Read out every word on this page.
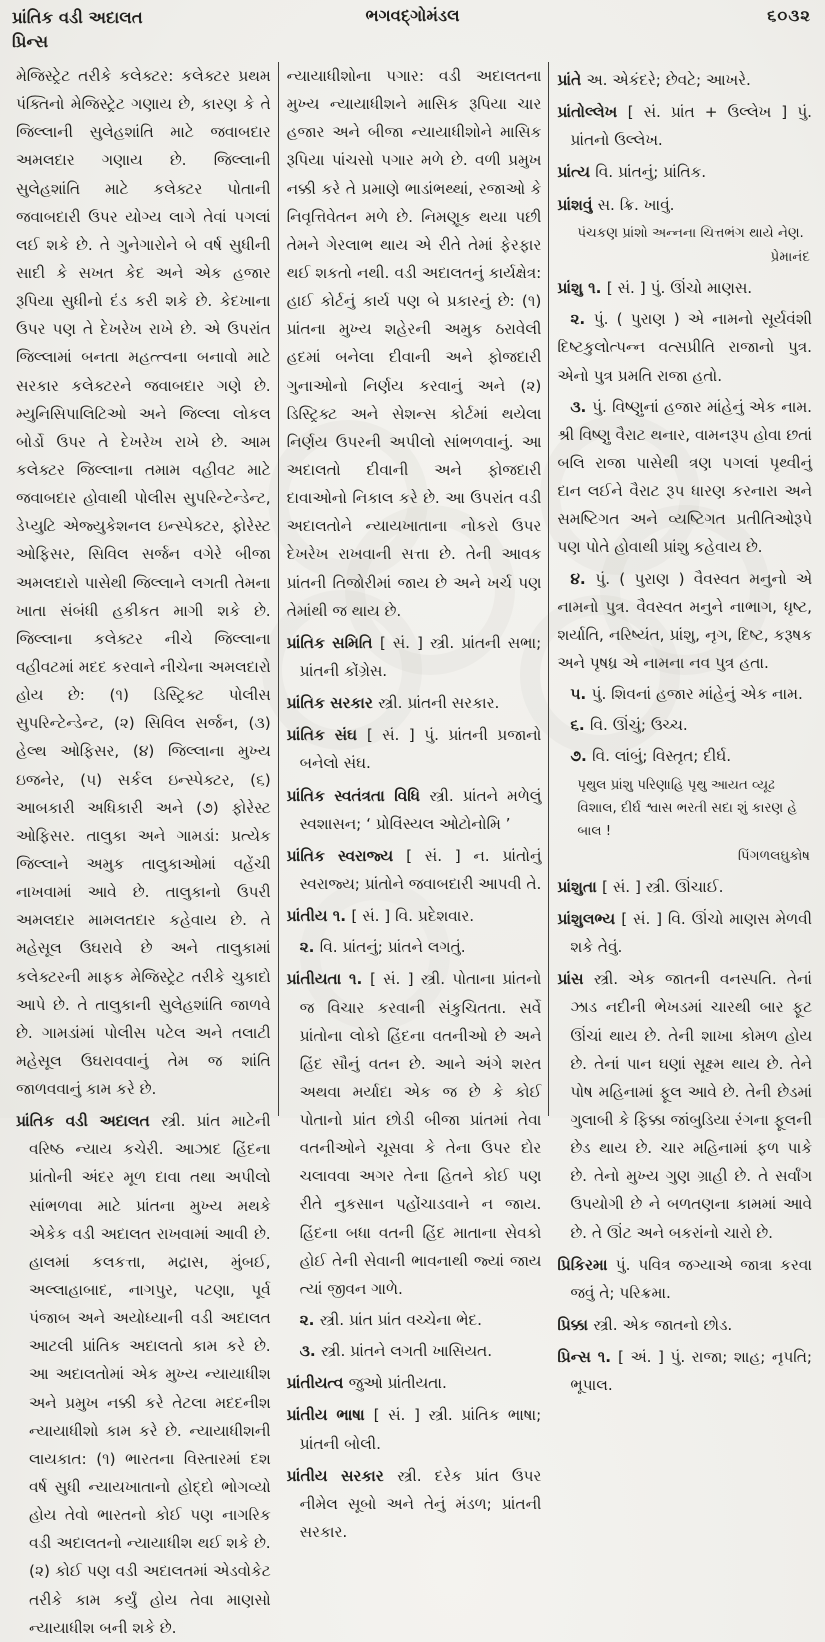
પ્રાંતિક વડી અદાલત
પ્રિન્સ
ભગવદ્ગોમંડલ	૬૦૩૨
મેજિસ્ટ્રેટ તરીકે કલેક્ટર: કલેક્ટર પ્રથમ પંક્તિનો મેજિસ્ટ્રેટ ગણાય છે, કારણ કે તે જિલ્લાની સુલેહશાંતિ માટે જવાબદાર અમલદાર ગણાય છે. જિલ્લાની સુલેહશાંતિ માટે કલેક્ટર પોતાની જવાબદારી ઉપર યોગ્ય લાગે તેવાં પગલાં લઈ શકે છે. તે ગુનેગારોને બે વર્ષ સુધીની સાદી કે સખત કેદ અને એક હજાર રૂપિયા સુધીનો દંડ કરી શકે છે. કેદખાના ઉપર પણ તે દેખરેખ રાખે છે. એ ઉપરાંત જિલ્લામાં બનતા મહત્ત્વના બનાવો માટે સરકાર કલેક્ટરને જવાબદાર ગણે છે. મ્યુનિસિપાલિટિઓ અને જિલ્લા લોકલ બોર્ડો ઉપર તે દેખરેખ રાખે છે. આમ કલેક્ટર જિલ્લાના તમામ વહીવટ માટે જવાબદાર હોવાથી પોલીસ સુપરિન્ટેન્ડેન્ટ, ડેપ્યુટિ એજ્યુકેશનલ ઇન્સ્પેક્ટર, ફોરેસ્ટ ઓફિસર, સિવિલ સર્જન વગેરે બીજા અમલદારો પાસેથી જિલ્લાને લગતી તેમના ખાતા સંબંધી હકીકત માગી શકે છે. જિલ્લાના કલેક્ટર નીચે જિલ્લાના વહીવટમાં મદદ કરવાને નીચેના અમલદારો હોય છે: (૧) ડિસ્ટ્રિક્ટ પોલીસ સુપરિન્ટેન્ડેન્ટ, (૨) સિવિલ સર્જન, (૩) હેલ્થ ઓફિસર, (૪) જિલ્લાના મુખ્ય ઇજનેર, (૫) સર્કલ ઇન્સ્પેક્ટર, (૬) આબકારી અધિકારી અને (૭) ફોરેસ્ટ ઓફિસર. તાલુકા અને ગામડાં: પ્રત્યેક જિલ્લાને અમુક તાલુકાઓમાં વહેંચી નાખવામાં આવે છે. તાલુકાનો ઉપરી અમલદાર મામલતદાર કહેવાય છે. તે મહેસૂલ ઉઘરાવે છે અને તાલુકામાં કલેક્ટરની માફક મેજિસ્ટ્રેટ તરીકે ચુકાદો આપે છે. તે તાલુકાની સુલેહશાંતિ જાળવે છે. ગામડાંમાં પોલીસ પટેલ અને તલાટી મહેસૂલ ઉઘરાવવાનું તેમ જ શાંતિ જાળવવાનું કામ કરે છે.
પ્રાંતિક વડી અદાલત સ્ત્રી. પ્રાંત માટેની વરિષ્ઠ ન્યાય કચેરી. આઝાદ હિંદના પ્રાંતોની અંદર મૂળ દાવા તથા અપીલો સાંભળવા માટે પ્રાંતના મુખ્ય મથકે એકેક વડી અદાલત રાખવામાં આવી છે. હાલમાં કલકત્તા, મદ્રાસ, મુંબઈ, અલ્લાહાબાદ, નાગપુર, પટણા, પૂર્વ પંજાબ અને અયોધ્યાની વડી અદાલત આટલી પ્રાંતિક અદાલતો કામ કરે છે. આ અદાલતોમાં એક મુખ્ય ન્યાયાધીશ અને પ્રમુખ નક્કી કરે તેટલા મદદનીશ ન્યાયાધીશો કામ કરે છે. ન્યાયાધીશની લાયકાત: (૧) ભારતના વિસ્તારમાં દશ વર્ષ સુધી ન્યાયખાતાનો હોદ્દો ભોગવ્યો હોય તેવો ભારતનો કોઈ પણ નાગરિક વડી અદાલતનો ન્યાયાધીશ થઈ શકે છે. (૨) કોઈ પણ વડી અદાલતમાં એડવોકેટ તરીકે કામ કર્યું હોય તેવા માણસો ન્યાયાધીશ બની શકે છે.
ન્યાયાધીશોના પગાર: વડી અદાલતના મુખ્ય ન્યાયાધીશને માસિક રૂપિયા ચાર હજાર અને બીજા ન્યાયાધીશોને માસિક રૂપિયા પાંચસો પગાર મળે છે. વળી પ્રમુખ નક્કી કરે તે પ્રમાણે ભાડાંભથ્થાં, રજાઓ કે નિવૃત્તિવેતન મળે છે. નિમણૂક થયા પછી તેમને ગેરલાભ થાય એ રીતે તેમાં ફેરફાર થઈ શકતો નથી. વડી અદાલતનું કાર્યક્ષેત્ર: હાઈ કોર્ટનું કાર્ય પણ બે પ્રકારનું છે: (૧) પ્રાંતના મુખ્ય શહેરની અમુક ઠરાવેલી હદમાં બનેલા દીવાની અને ફોજદારી ગુનાઓનો નિર્ણય કરવાનું અને (૨) ડિસ્ટ્રિક્ટ અને સેશન્સ કોર્ટમાં થયેલા નિર્ણય ઉપરની અપીલો સાંભળવાનું. આ અદાલતો દીવાની અને ફોજદારી દાવાઓનો નિકાલ કરે છે. આ ઉપરાંત વડી અદાલતોને ન્યાયખાતાના નોકરો ઉપર દેખરેખ રાખવાની સત્તા છે. તેની આવક પ્રાંતની તિજોરીમાં જાય છે અને ખર્ચ પણ તેમાંથી જ થાય છે.
પ્રાંતિક સમિતિ [ સં. ] સ્ત્રી. પ્રાંતની સભા; પ્રાંતની કોંગ્રેસ.
પ્રાંતિક સરકાર સ્ત્રી. પ્રાંતની સરકાર.
પ્રાંતિક સંઘ [ સં. ] પું. પ્રાંતની પ્રજાનો બનેલો સંઘ.
પ્રાંતિક સ્વતંત્રતા વિધિ સ્ત્રી. પ્રાંતને મળેલું સ્વશાસન; ‘ પ્રોવિંસ્યલ ઓટોનોમિ ’
પ્રાંતિક સ્વરાજ્ય [ સં. ] ન. પ્રાંતોનું સ્વરાજ્ય; પ્રાંતોને જવાબદારી આપવી તે.
પ્રાંતીય ૧. [ સં. ] વિ. પ્રદેશવાર.
૨. વિ. પ્રાંતનું; પ્રાંતને લગતું.
પ્રાંતીયતા ૧. [ સં. ] સ્ત્રી. પોતાના પ્રાંતનો જ વિચાર કરવાની સંકુચિતતા. સર્વે પ્રાંતોના લોકો હિંદના વતનીઓ છે અને હિંદ સૌનું વતન છે. આને અંગે શરત અથવા મર્યાદા એક જ છે કે કોઈ પોતાનો પ્રાંત છોડી બીજા પ્રાંતમાં તેવા વતનીઓને ચૂસવા કે તેના ઉપર દોર ચલાવવા અગર તેના હિતને કોઈ પણ રીતે નુકસાન પહોંચાડવાને ન જાય. હિંદના બધા વતની હિંદ માતાના સેવકો હોઈ તેની સેવાની ભાવનાથી જ્યાં જાય ત્યાં જીવન ગાળે.
૨. સ્ત્રી. પ્રાંત પ્રાંત વચ્ચેના ભેદ.
૩. સ્ત્રી. પ્રાંતને લગતી ખાસિયત.
પ્રાંતીયત્વ જુઓ પ્રાંતીયતા.
પ્રાંતીય ભાષા [ સં. ] સ્ત્રી. પ્રાંતિક ભાષા; પ્રાંતની બોલી.
પ્રાંતીય સરકાર સ્ત્રી. દરેક પ્રાંત ઉપર નીમેલ સૂબો અને તેનું મંડળ; પ્રાંતની સરકાર.
પ્રાંતે અ. એકંદરે; છેવટે; આખરે.
પ્રાંતોલ્લેખ [ સં. પ્રાંત + ઉલ્લેખ ] પું. પ્રાંતનો ઉલ્લેખ.
પ્રાંત્ય વિ. પ્રાંતનું; પ્રાંતિક.
પ્રાંશવું સ. ક્રિ. ખાવું.
પંચકણ પ્રાંશો અન્નના ચિત્તભંગ થાયે નેણ.
પ્રેમાનંદ
પ્રાંશુ ૧. [ સં. ] પું. ઊંચો માણસ.
૨. પું. ( પુરાણ ) એ નામનો સૂર્યવંશી દિષ્ટકુલોત્પન્ન વત્સપ્રીતિ રાજાનો પુત્ર. એનો પુત્ર પ્રમતિ રાજા હતો.
૩. પું. વિષ્ણુનાં હજાર માંહેનું એક નામ. શ્રી વિષ્ણુ વૈરાટ થનાર, વામનરૂપ હોવા છતાં બલિ રાજા પાસેથી ત્રણ પગલાં પૃથ્વીનું દાન લઈને વૈરાટ રૂપ ધારણ કરનારા અને સમષ્ટિગત અને વ્યષ્ટિગત પ્રતીતિઓરૂપે પણ પોતે હોવાથી પ્રાંશુ કહેવાય છે.
૪. પું. ( પુરાણ ) વૈવસ્વત મનુનો એ નામનો પુત્ર. વૈવસ્વત મનુને નાભાગ, ધૃષ્ટ, શર્યાતિ, નરિષ્યંત, પ્રાંશુ, નૃગ, દિષ્ટ, કરૂષક અને પૃષધ્ર એ નામના નવ પુત્ર હતા.
૫. પું. શિવનાં હજાર માંહેનું એક નામ.
૬. વિ. ઊંચું; ઉચ્ચ.
૭. વિ. લાંબું; વિસ્તૃત; દીર્ઘ.
પૃથુલ પ્રાંશુ પરિણાહિ પૃથુ આયત વ્યૂઢ વિશાલ, દીર્ઘ શ્વાસ ભરતી સદા શું કારણ હે બાલ !
પિંગળલઘુકોષ
પ્રાંશુતા [ સં. ] સ્ત્રી. ઊંચાઈ.
પ્રાંશુલભ્ય [ સં. ] વિ. ઊંચો માણસ મેળવી શકે તેવું.
પ્રાંસ સ્ત્રી. એક જાતની વનસ્પતિ. તેનાં ઝાડ નદીની ભેખડમાં ચારથી બાર ફૂટ ઊંચાં થાય છે. તેની શાખા કોમળ હોય છે. તેનાં પાન ઘણાં સૂક્ષ્મ થાય છે. તેને પોષ મહિનામાં ફૂલ આવે છે. તેની છેડમાં ગુલાબી કે ફિક્કા જાંબુડિયા રંગના ફૂલની છેડ થાય છે. ચાર મહિનામાં ફળ પાકે છે. તેનો મુખ્ય ગુણ ગ્રાહી છે. તે સર્વાંગ ઉપયોગી છે ને બળતણના કામમાં આવે છે. તે ઊંટ અને બકરાંનો ચારો છે.
પ્રિકિરમા પું. પવિત્ર જગ્યાએ જાત્રા કરવા જવું તે; પરિક્રમા.
પ્રિક્કા સ્ત્રી. એક જાતનો છોડ.
પ્રિન્સ ૧. [ અં. ] પું. રાજા; શાહ; નૃપતિ; ભૂપાલ.
